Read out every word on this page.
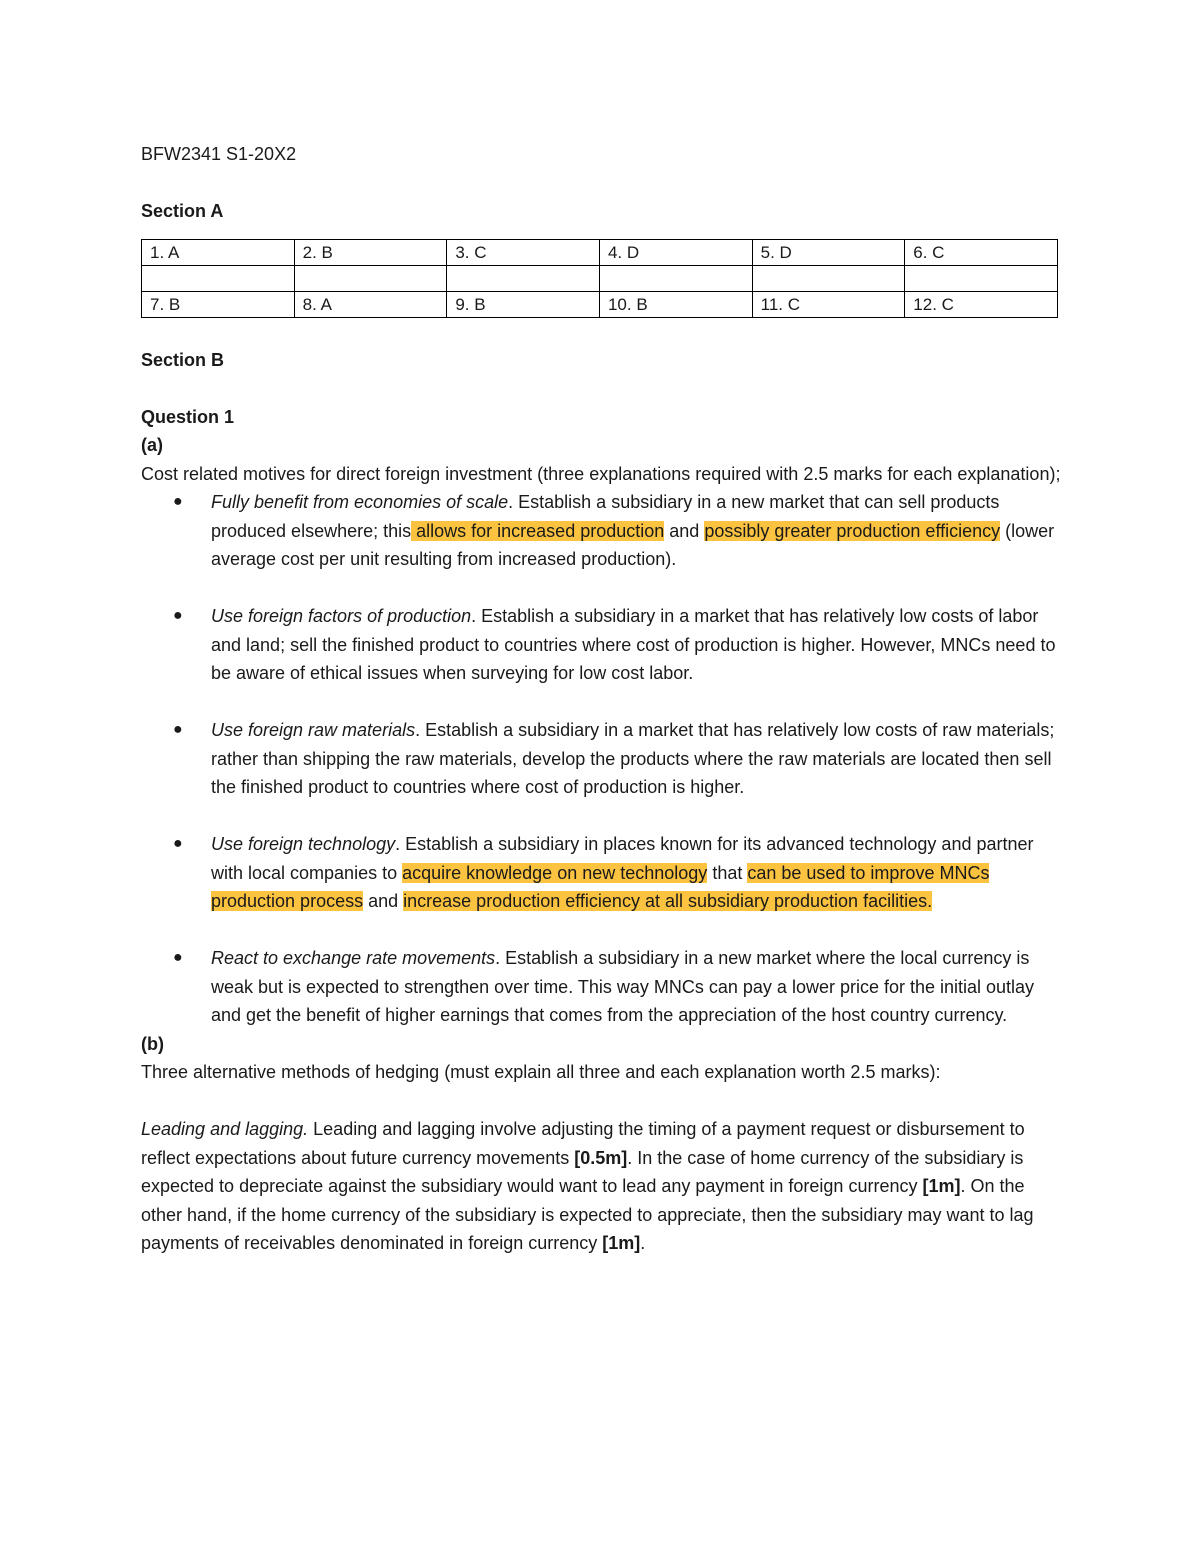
BFW2341 S1-20X2

Section A

1. A	2. B	3. C	4. D	5. D	6. C

7. B	8. A	9. B	10. B	11. C	12. C

Section B

Question 1

(a)

Cost related motives for direct foreign investment (three explanations required with 2.5 marks for each explanation);

● Fully benefit from economies of scale. Establish a subsidiary in a new market that can sell products produced elsewhere; this allows for increased production and possibly greater production efficiency (lower average cost per unit resulting from increased production).
● Use foreign factors of production. Establish a subsidiary in a market that has relatively low costs of labor and land; sell the finished product to countries where cost of production is higher. However, MNCs need to be aware of ethical issues when surveying for low cost labor.
● Use foreign raw materials. Establish a subsidiary in a market that has relatively low costs of raw materials; rather than shipping the raw materials, develop the products where the raw materials are located then sell the finished product to countries where cost of production is higher.
● Use foreign technology. Establish a subsidiary in places known for its advanced technology and partner with local companies to acquire knowledge on new technology that can be used to improve MNCs production process and increase production efficiency at all subsidiary production facilities.
● React to exchange rate movements. Establish a subsidiary in a new market where the local currency is weak but is expected to strengthen over time. This way MNCs can pay a lower price for the initial outlay and get the benefit of higher earnings that comes from the appreciation of the host country currency.

(b)

Three alternative methods of hedging (must explain all three and each explanation worth 2.5 marks):

Leading and lagging. Leading and lagging involve adjusting the timing of a payment request or disbursement to reflect expectations about future currency movements [0.5m]. In the case of home currency of the subsidiary is expected to depreciate against the subsidiary would want to lead any payment in foreign currency [1m]. On the other hand, if the home currency of the subsidiary is expected to appreciate, then the subsidiary may want to lag payments of receivables denominated in foreign currency [1m].
